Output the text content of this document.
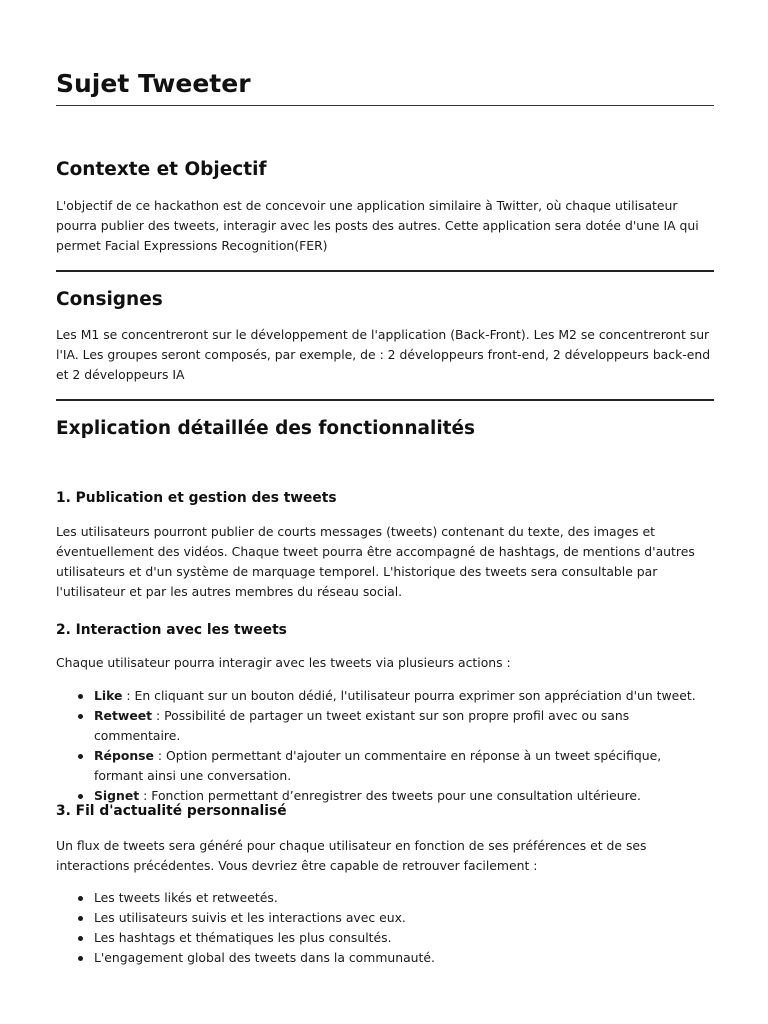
Sujet Tweeter
Contexte et Objectif

L'objectif de ce hackathon est de concevoir une application similaire à Twitter, où chaque utilisateur pourra publier des tweets, interagir avec les posts des autres. Cette application sera dotée d'une IA qui permet Facial Expressions Recognition(FER)

Consignes

Les M1 se concentreront sur le développement de l'application (Back-Front). Les M2 se concentreront sur l'IA. Les groupes seront composés, par exemple, de : 2 développeurs front-end, 2 développeurs back-end et 2 développeurs IA

Explication détaillée des fonctionnalités
1. Publication et gestion des tweets

Les utilisateurs pourront publier de courts messages (tweets) contenant du texte, des images et éventuellement des vidéos. Chaque tweet pourra être accompagné de hashtags, de mentions d'autres utilisateurs et d'un système de marquage temporel. L'historique des tweets sera consultable par l'utilisateur et par les autres membres du réseau social.

2. Interaction avec les tweets

Chaque utilisateur pourra interagir avec les tweets via plusieurs actions :

Like : En cliquant sur un bouton dédié, l'utilisateur pourra exprimer son appréciation d'un tweet.
Retweet : Possibilité de partager un tweet existant sur son propre profil avec ou sans commentaire.
Réponse : Option permettant d'ajouter un commentaire en réponse à un tweet spécifique, formant ainsi une conversation.
Signet : Fonction permettant d’enregistrer des tweets pour une consultation ultérieure.
3. Fil d'actualité personnalisé

Un flux de tweets sera généré pour chaque utilisateur en fonction de ses préférences et de ses interactions précédentes. Vous devriez être capable de retrouver facilement :

Les tweets likés et retweetés.
Les utilisateurs suivis et les interactions avec eux.
Les hashtags et thématiques les plus consultés.
L'engagement global des tweets dans la communauté.
